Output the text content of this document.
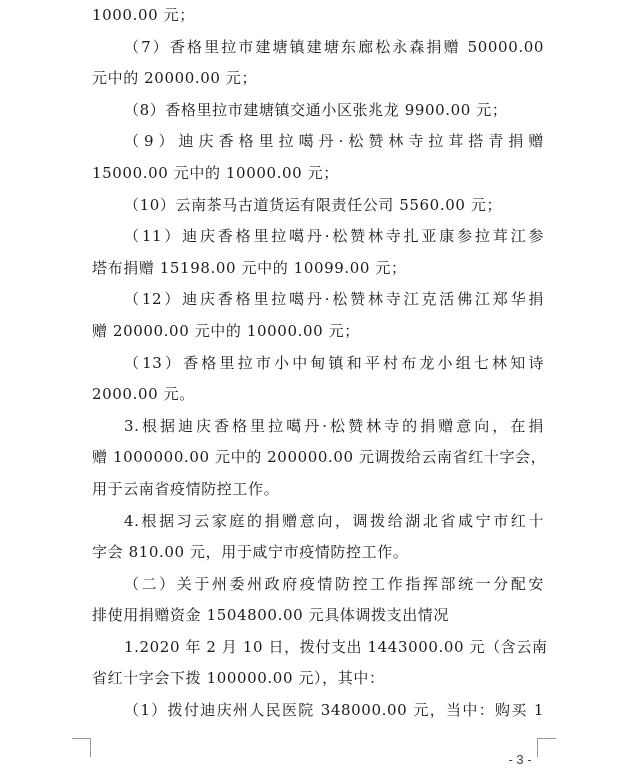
1000.00 元；
（7）香格里拉市建塘镇建塘东廊松永森捐赠 50000.00
元中的 20000.00 元；
（8）香格里拉市建塘镇交通小区张兆龙 9900.00 元；
（9）迪庆香格里拉噶丹·松赞林寺拉茸搭青捐赠
15000.00 元中的 10000.00 元；
（10）云南茶马古道货运有限责任公司 5560.00 元；
（11）迪庆香格里拉噶丹·松赞林寺扎亚康参拉茸江参
塔布捐赠 15198.00 元中的 10099.00 元；
（12）迪庆香格里拉噶丹·松赞林寺江克活佛江郑华捐
赠 20000.00 元中的 10000.00 元；
（13）香格里拉市小中甸镇和平村布龙小组七林知诗
2000.00 元。
3.根据迪庆香格里拉噶丹·松赞林寺的捐赠意向，在捐
赠 1000000.00 元中的 200000.00 元调拨给云南省红十字会，
用于云南省疫情防控工作。
4.根据习云家庭的捐赠意向，调拨给湖北省咸宁市红十
字会 810.00 元，用于咸宁市疫情防控工作。
（二）关于州委州政府疫情防控工作指挥部统一分配安
排使用捐赠资金 1504800.00 元具体调拨支出情况
1.2020 年 2 月 10 日，拨付支出 1443000.00 元（含云南
省红十字会下拨 100000.00 元），其中：
（1）拨付迪庆州人民医院 348000.00 元，当中：购买 1
- 3 -
